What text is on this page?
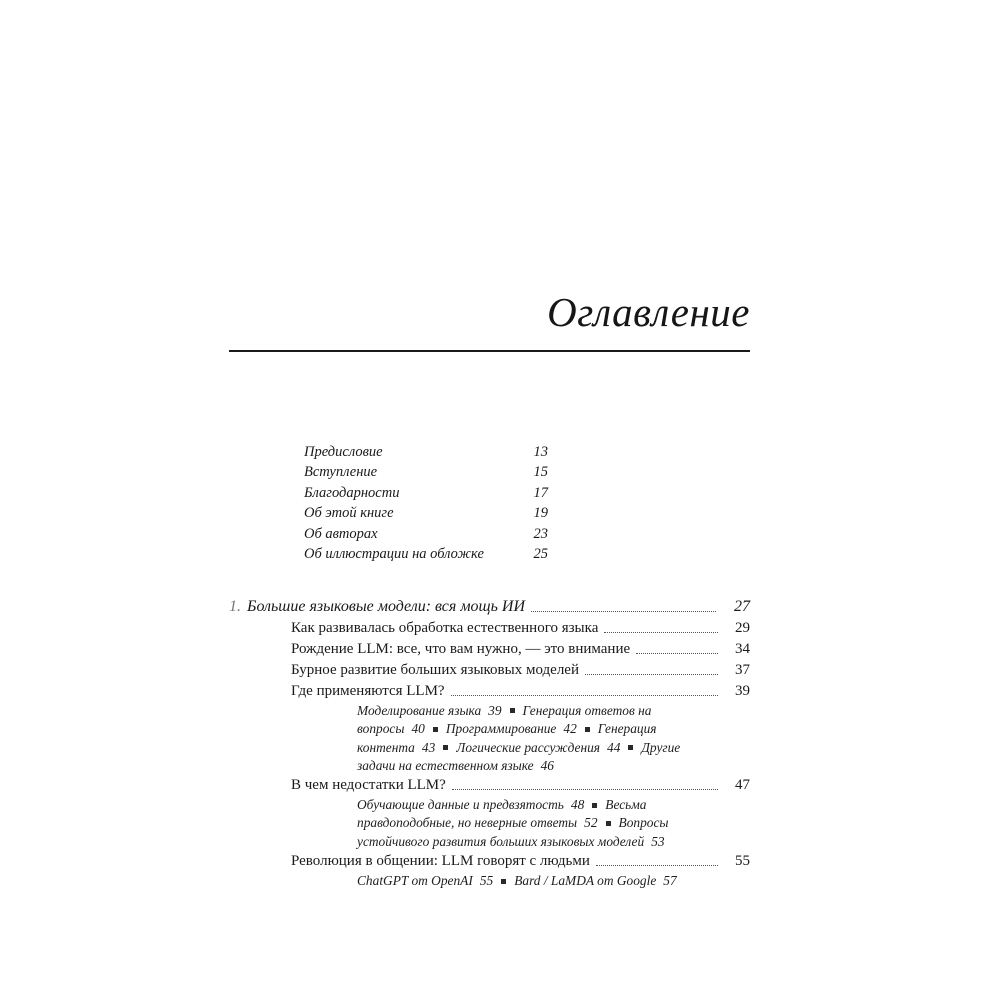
Оглавление
Предисловие	13
Вступление	15
Благодарности	17
Об этой книге	19
Об авторах	23
Об иллюстрации на обложке	25
1. Большие языковые модели: вся мощь ИИ	27
Как развивалась обработка естественного языка	29
Рождение LLM: все, что вам нужно, — это внимание	34
Бурное развитие больших языковых моделей	37
Где применяются LLM?	39
Моделирование языка 39 Генерация ответов на вопросы 40 Программирование 42 Генерация контента 43 Логические рассуждения 44 Другие задачи на естественном языке 46
В чем недостатки LLM?	47
Обучающие данные и предвзятость 48 Весьма правдоподобные, но неверные ответы 52 Вопросы устойчивого развития больших языковых моделей 53
Революция в общении: LLM говорят с людьми	55
ChatGPT от OpenAI 55 Bard / LaMDA от Google 57
